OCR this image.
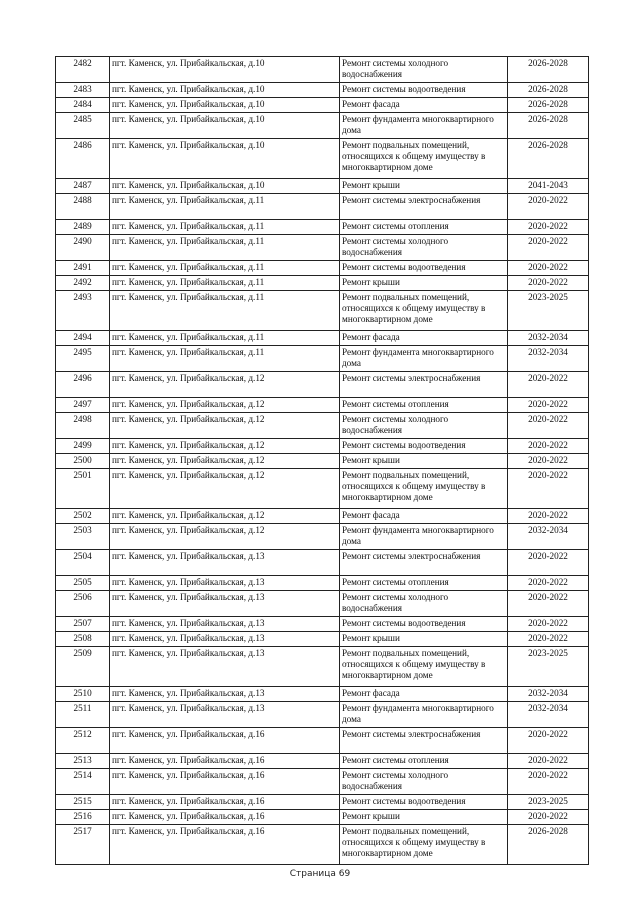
2482	пгт. Каменск, ул. Прибайкальская, д.10	Ремонт системы холодного водоснабжения	2026-2028
2483	пгт. Каменск, ул. Прибайкальская, д.10	Ремонт системы водоотведения	2026-2028
2484	пгт. Каменск, ул. Прибайкальская, д.10	Ремонт фасада	2026-2028
2485	пгт. Каменск, ул. Прибайкальская, д.10	Ремонт фундамента многоквартирного дома	2026-2028
2486	пгт. Каменск, ул. Прибайкальская, д.10	Ремонт подвальных помещений, относящихся к общему имуществу в многоквартирном доме	2026-2028
2487	пгт. Каменск, ул. Прибайкальская, д.10	Ремонт крыши	2041-2043
2488	пгт. Каменск, ул. Прибайкальская, д.11	Ремонт системы электроснабжения	2020-2022
2489	пгт. Каменск, ул. Прибайкальская, д.11	Ремонт системы отопления	2020-2022
2490	пгт. Каменск, ул. Прибайкальская, д.11	Ремонт системы холодного водоснабжения	2020-2022
2491	пгт. Каменск, ул. Прибайкальская, д.11	Ремонт системы водоотведения	2020-2022
2492	пгт. Каменск, ул. Прибайкальская, д.11	Ремонт крыши	2020-2022
2493	пгт. Каменск, ул. Прибайкальская, д.11	Ремонт подвальных помещений, относящихся к общему имуществу в многоквартирном доме	2023-2025
2494	пгт. Каменск, ул. Прибайкальская, д.11	Ремонт фасада	2032-2034
2495	пгт. Каменск, ул. Прибайкальская, д.11	Ремонт фундамента многоквартирного дома	2032-2034
2496	пгт. Каменск, ул. Прибайкальская, д.12	Ремонт системы электроснабжения	2020-2022
2497	пгт. Каменск, ул. Прибайкальская, д.12	Ремонт системы отопления	2020-2022
2498	пгт. Каменск, ул. Прибайкальская, д.12	Ремонт системы холодного водоснабжения	2020-2022
2499	пгт. Каменск, ул. Прибайкальская, д.12	Ремонт системы водоотведения	2020-2022
2500	пгт. Каменск, ул. Прибайкальская, д.12	Ремонт крыши	2020-2022
2501	пгт. Каменск, ул. Прибайкальская, д.12	Ремонт подвальных помещений, относящихся к общему имуществу в многоквартирном доме	2020-2022
2502	пгт. Каменск, ул. Прибайкальская, д.12	Ремонт фасада	2020-2022
2503	пгт. Каменск, ул. Прибайкальская, д.12	Ремонт фундамента многоквартирного дома	2032-2034
2504	пгт. Каменск, ул. Прибайкальская, д.13	Ремонт системы электроснабжения	2020-2022
2505	пгт. Каменск, ул. Прибайкальская, д.13	Ремонт системы отопления	2020-2022
2506	пгт. Каменск, ул. Прибайкальская, д.13	Ремонт системы холодного водоснабжения	2020-2022
2507	пгт. Каменск, ул. Прибайкальская, д.13	Ремонт системы водоотведения	2020-2022
2508	пгт. Каменск, ул. Прибайкальская, д.13	Ремонт крыши	2020-2022
2509	пгт. Каменск, ул. Прибайкальская, д.13	Ремонт подвальных помещений, относящихся к общему имуществу в многоквартирном доме	2023-2025
2510	пгт. Каменск, ул. Прибайкальская, д.13	Ремонт фасада	2032-2034
2511	пгт. Каменск, ул. Прибайкальская, д.13	Ремонт фундамента многоквартирного дома	2032-2034
2512	пгт. Каменск, ул. Прибайкальская, д.16	Ремонт системы электроснабжения	2020-2022
2513	пгт. Каменск, ул. Прибайкальская, д.16	Ремонт системы отопления	2020-2022
2514	пгт. Каменск, ул. Прибайкальская, д.16	Ремонт системы холодного водоснабжения	2020-2022
2515	пгт. Каменск, ул. Прибайкальская, д.16	Ремонт системы водоотведения	2023-2025
2516	пгт. Каменск, ул. Прибайкальская, д.16	Ремонт крыши	2020-2022
2517	пгт. Каменск, ул. Прибайкальская, д.16	Ремонт подвальных помещений, относящихся к общему имуществу в многоквартирном доме	2026-2028
Страница 69
